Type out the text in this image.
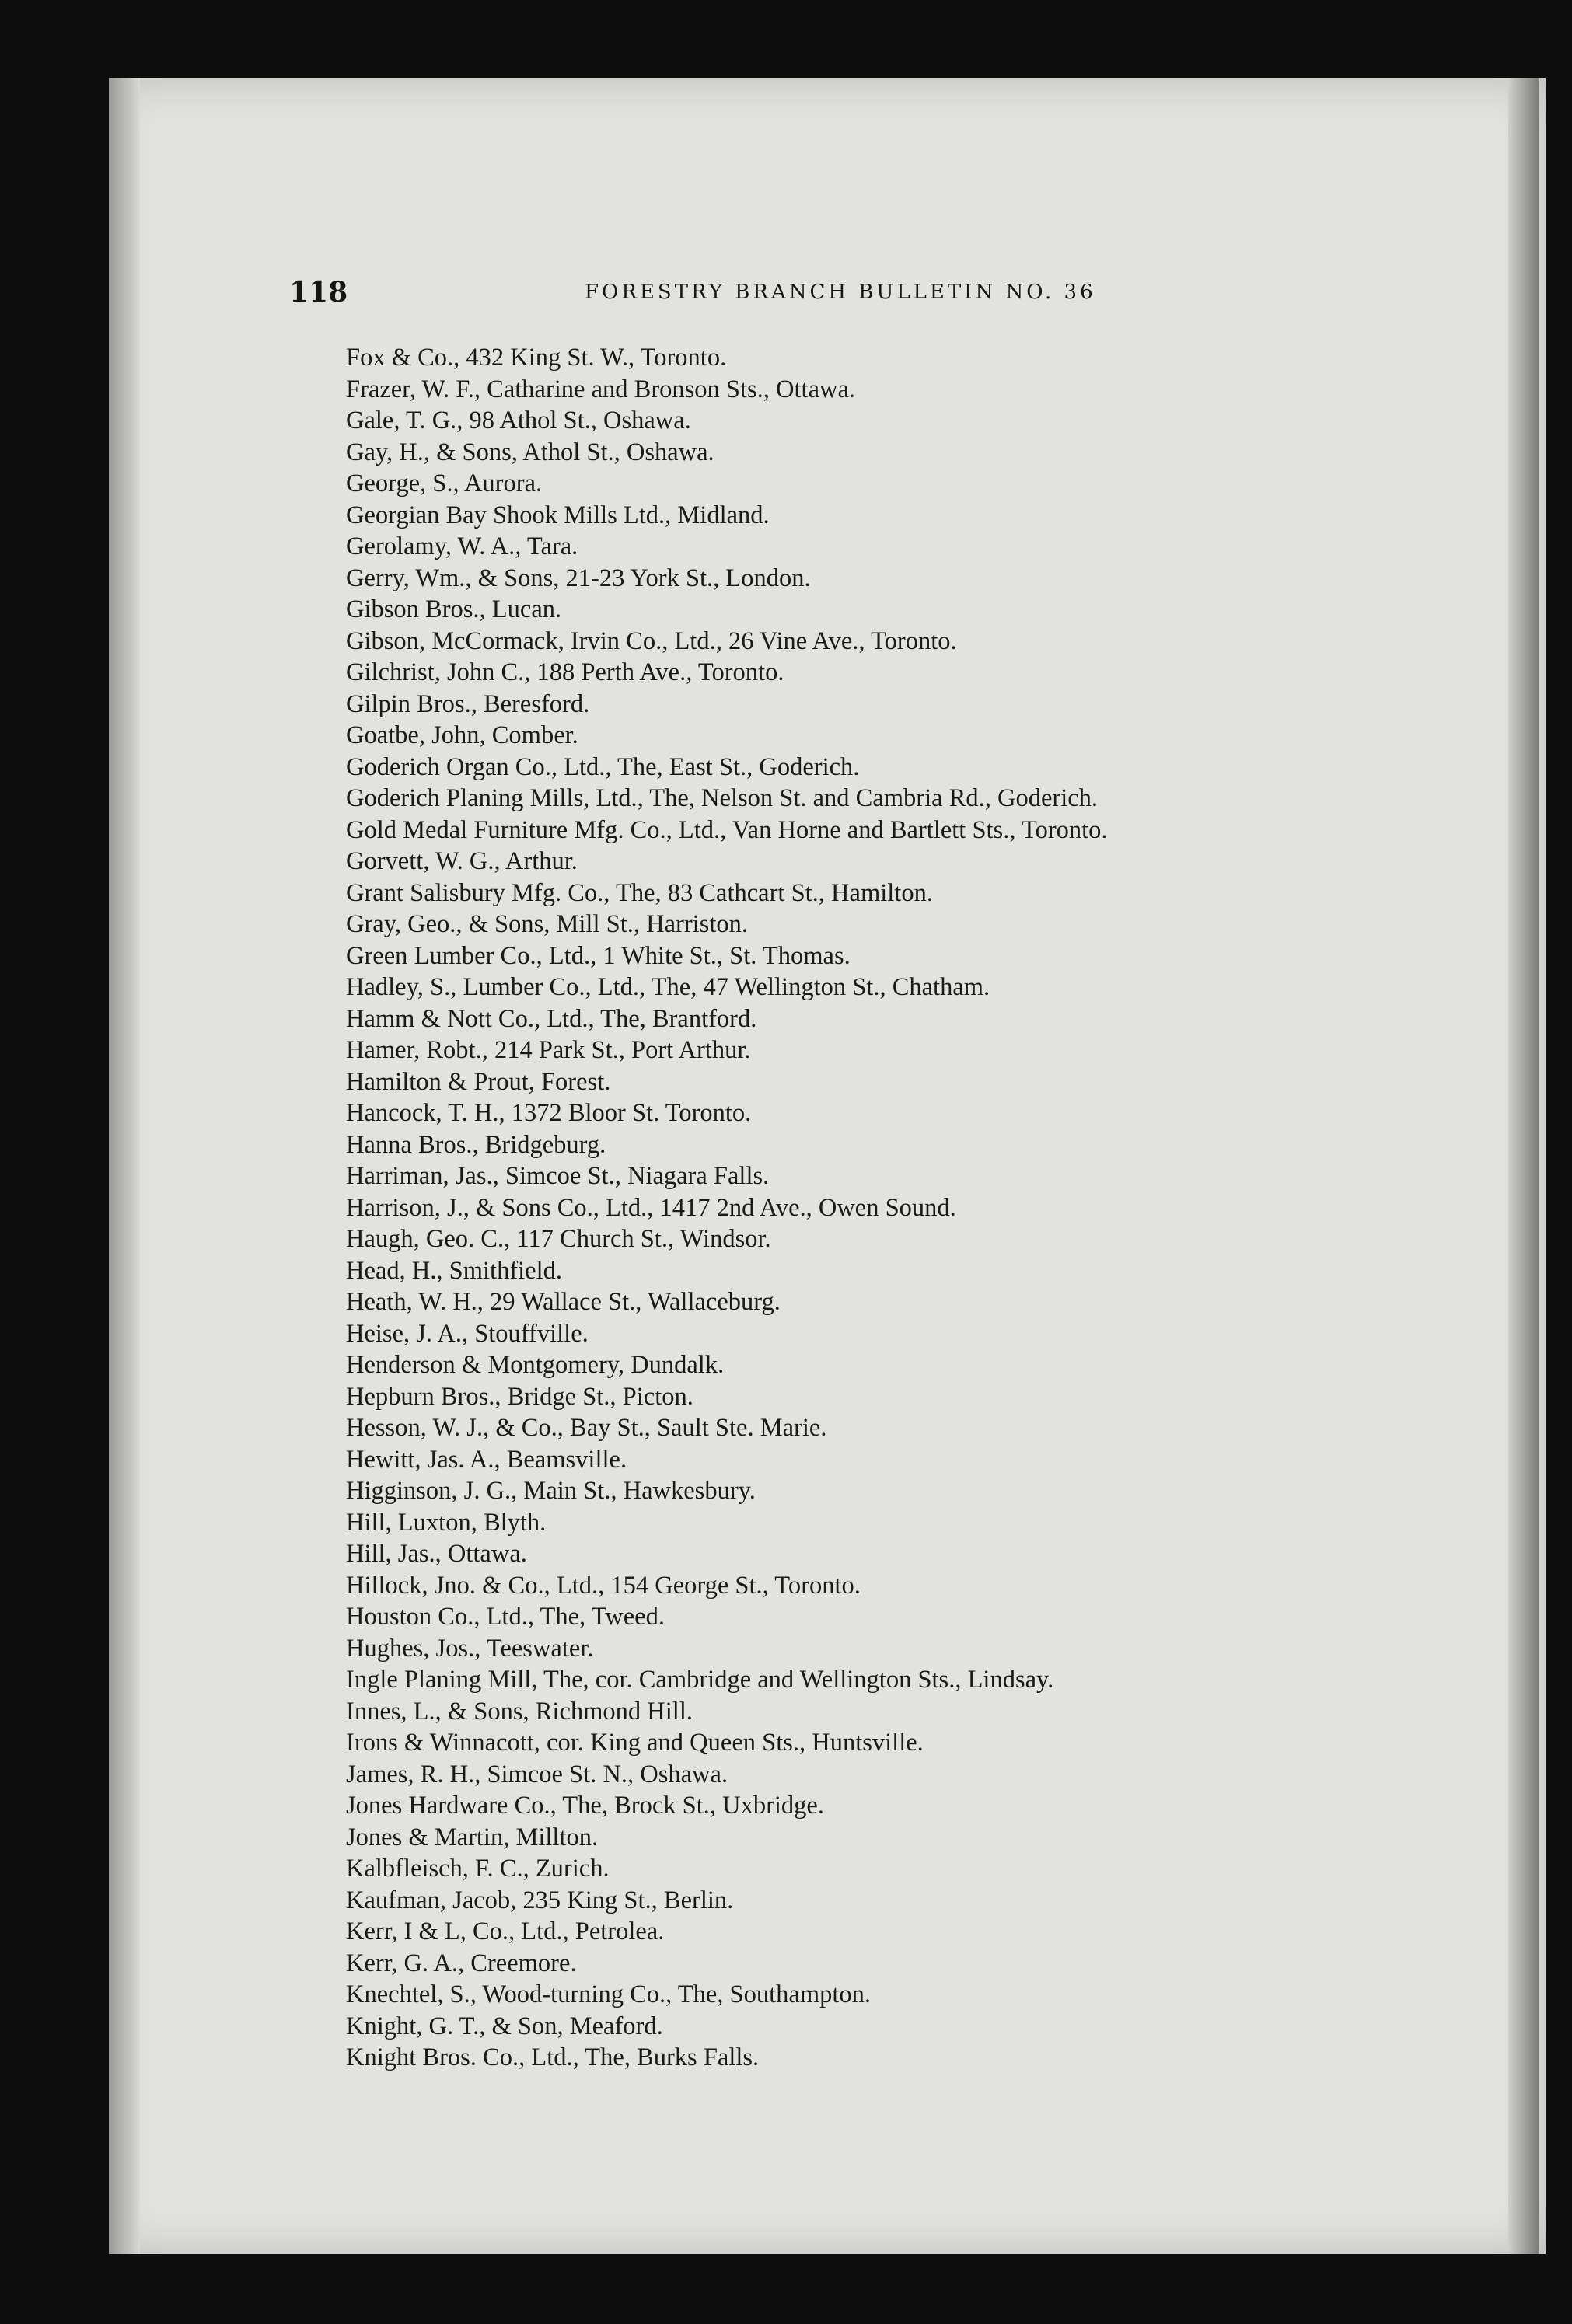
118	FORESTRY BRANCH BULLETIN NO. 36
Fox & Co., 432 King St. W., Toronto.
Frazer, W. F., Catharine and Bronson Sts., Ottawa.
Gale, T. G., 98 Athol St., Oshawa.
Gay, H., & Sons, Athol St., Oshawa.
George, S., Aurora.
Georgian Bay Shook Mills Ltd., Midland.
Gerolamy, W. A., Tara.
Gerry, Wm., & Sons, 21-23 York St., London.
Gibson Bros., Lucan.
Gibson, McCormack, Irvin Co., Ltd., 26 Vine Ave., Toronto.
Gilchrist, John C., 188 Perth Ave., Toronto.
Gilpin Bros., Beresford.
Goatbe, John, Comber.
Goderich Organ Co., Ltd., The, East St., Goderich.
Goderich Planing Mills, Ltd., The, Nelson St. and Cambria Rd., Goderich.
Gold Medal Furniture Mfg. Co., Ltd., Van Horne and Bartlett Sts., Toronto.
Gorvett, W. G., Arthur.
Grant Salisbury Mfg. Co., The, 83 Cathcart St., Hamilton.
Gray, Geo., & Sons, Mill St., Harriston.
Green Lumber Co., Ltd., 1 White St., St. Thomas.
Hadley, S., Lumber Co., Ltd., The, 47 Wellington St., Chatham.
Hamm & Nott Co., Ltd., The, Brantford.
Hamer, Robt., 214 Park St., Port Arthur.
Hamilton & Prout, Forest.
Hancock, T. H., 1372 Bloor St. Toronto.
Hanna Bros., Bridgeburg.
Harriman, Jas., Simcoe St., Niagara Falls.
Harrison, J., & Sons Co., Ltd., 1417 2nd Ave., Owen Sound.
Haugh, Geo. C., 117 Church St., Windsor.
Head, H., Smithfield.
Heath, W. H., 29 Wallace St., Wallaceburg.
Heise, J. A., Stouffville.
Henderson & Montgomery, Dundalk.
Hepburn Bros., Bridge St., Picton.
Hesson, W. J., & Co., Bay St., Sault Ste. Marie.
Hewitt, Jas. A., Beamsville.
Higginson, J. G., Main St., Hawkesbury.
Hill, Luxton, Blyth.
Hill, Jas., Ottawa.
Hillock, Jno. & Co., Ltd., 154 George St., Toronto.
Houston Co., Ltd., The, Tweed.
Hughes, Jos., Teeswater.
Ingle Planing Mill, The, cor. Cambridge and Wellington Sts., Lindsay.
Innes, L., & Sons, Richmond Hill.
Irons & Winnacott, cor. King and Queen Sts., Huntsville.
James, R. H., Simcoe St. N., Oshawa.
Jones Hardware Co., The, Brock St., Uxbridge.
Jones & Martin, Millton.
Kalbfleisch, F. C., Zurich.
Kaufman, Jacob, 235 King St., Berlin.
Kerr, I & L, Co., Ltd., Petrolea.
Kerr, G. A., Creemore.
Knechtel, S., Wood-turning Co., The, Southampton.
Knight, G. T., & Son, Meaford.
Knight Bros. Co., Ltd., The, Burks Falls.
